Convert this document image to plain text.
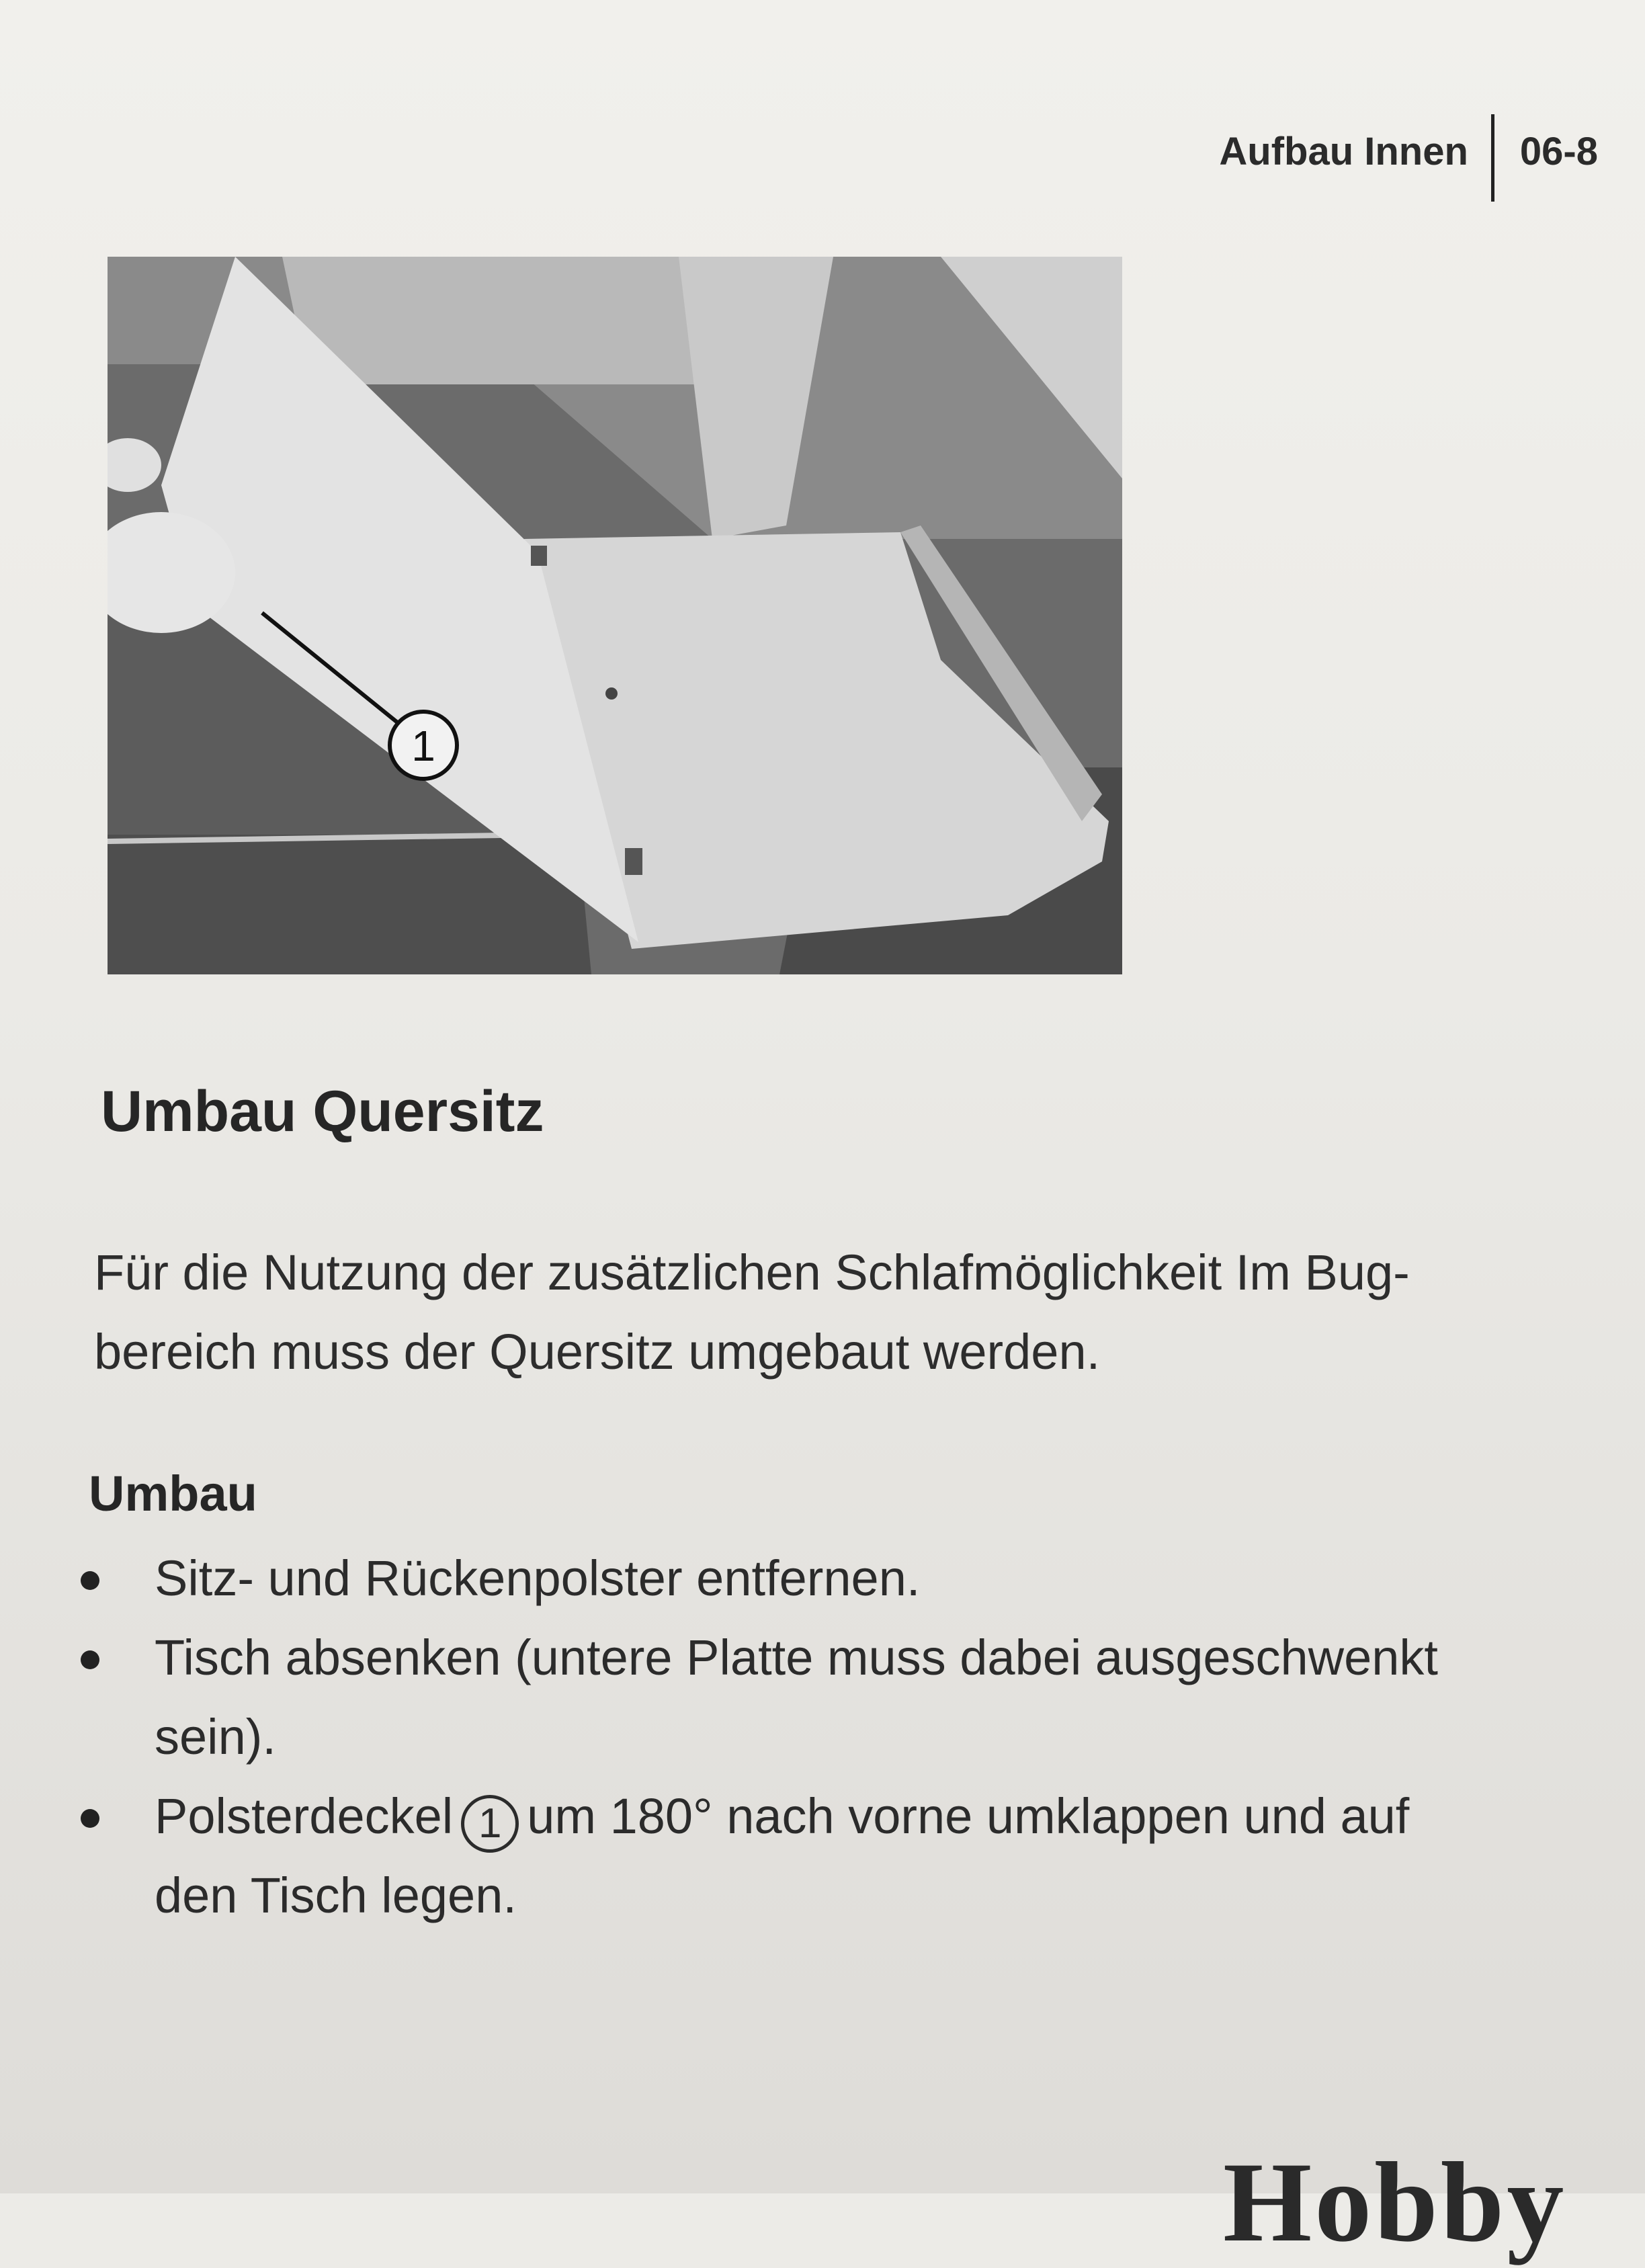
Aufbau Innen	06-8
1
Umbau Quersitz
Für die Nutzung der zusätzlichen Schlafmöglichkeit Im Bug-
bereich muss der Quersitz umgebaut werden.
Umbau
Sitz- und Rückenpolster entfernen.
Tisch absenken (untere Platte muss dabei ausgeschwenkt
sein).
Polsterdeckel 1 um 180° nach vorne umklappen und auf
den Tisch legen.
Hobby
